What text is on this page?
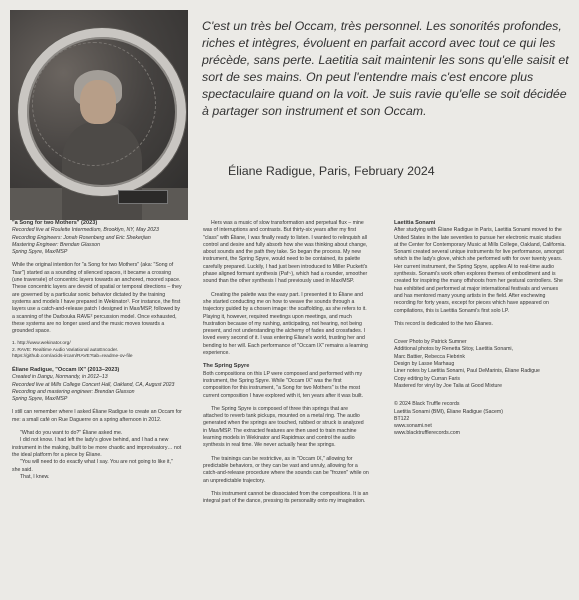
C'est un très bel Occam, très personnel. Les sonorités profondes, riches et intègres, évoluent en parfait accord avec tout ce qui les précède, sans perte. Laetitia sait maintenir les sons qu'elle saisit et sort de ses mains. On peut l'entendre mais c'est encore plus spectaculaire quand on la voit. Je suis ravie qu'elle se soit décidée à partager son instrument et son Occam.
Éliane Radigue, Paris, February 2024

"a Song for two Mothers" (2023)

Recorded live at Roulette Intermedium, Brooklyn, NY, May 2023

Recording Engineers: Jonah Rosenberg and Eric Shekerjian

Mastering Engineer: Brendan Glasson

Spring Spyre, Max/MSP

While the original intention for "a Song for two Mothers" (aka: "Song of Tsar") started as a sounding of silenced spaces, it became a crossing (une traversée) of concentric layers towards an anchored, moored space. These concentric layers are devoid of spatial or temporal directions – they are governed by a particular sonic behavior dictated by the training systems and models I have prepared in Wekinator¹. For instance, the first layers use a catch-and-release patch I designed in Max/MSP, followed by a scanning of the Darbouka RAVE² percussion model. Once exhausted, these systems are no longer used and the music moves towards a grounded space.

1. http://www.wekinator.org/

2. RAVE: Realtime Audio Variational autoEncoder.

https://github.com/acids-ircam/RAVE?tab=readme-ov-file

Éliane Radigue, "Occam IX" (2013–2023)

Created in Dangu, Normandy, in 2012–13

Recorded live at Mills College Concert Hall, Oakland, CA, August 2023

Recording and mastering engineer: Brendan Glasson

Spring Spyre, Max/MSP

I still can remember where I asked Éliane Radigue to create an Occam for me: a small café on Rue Daguerre on a spring afternoon in 2012.

"What do you want to do?" Éliane asked me.

I did not know. I had left the lady's glove behind, and I had a new instrument in the making, built to be more chaotic and improvisatory… not the ideal platform for a piece by Éliane.

"You will need to do exactly what I say. You are not going to like it," she said.

That, I knew.

Hers was a music of slow transformation and perpetual flux – mine was of interruptions and contrasts. But thirty-six years after my first "class" with Éliane, I was finally ready to listen. I wanted to relinquish all control and desire and fully absorb how she was thinking about change, about sounds and the path they take. So began the process. My new instrument, the Spring Spyre, would need to be contained, its palette carefully prepared. Luckily, I had just been introduced to Miller Puckett's phase aligned formant synthesis (Paf~), which had a rounder, smoother sound than the other synthesis I had previously used in Max/MSP.

Creating the palette was the easy part. I presented it to Éliane and she started conducting me on how to weave the sounds through a trajectory guided by a chosen image: the scaffolding, as she refers to it. Playing it, however, required meetings upon meetings, and much frustration because of my rushing, anticipating, not hearing, not being present, and not understanding the alchemy of fades and crossfades. I loved every second of it. I was entering Éliane's world, trusting her and bending to her will. Each performance of "Occam IX" remains a learning experience.

The Spring Spyre

Both compositions on this LP were composed and performed with my instrument, the Spring Spyre. While "Occam IX" was the first composition for this instrument, "a Song for two Mothers" is the most current composition I have explored with it, ten years after it was built.

The Spring Spyre is composed of three thin springs that are attached to reverb tank pickups, mounted on a metal ring. The audio generated when the springs are touched, rubbed or struck is analyzed in Max/MSP. The extracted features are then used to train machine learning models in Wekinator and Rapidmax and control the audio synthesis in real time. We never actually hear the springs.

The trainings can be restrictive, as in "Occam IX," allowing for predictable behaviors, or they can be vast and unruly, allowing for a catch-and-release procedure where the sounds can be "frozen" while on an unpredictable trajectory.

This instrument cannot be dissociated from the compositions. It is an integral part of the dance, pressing its personality onto my imagination.

Laetitia Sonami

After studying with Éliane Radigue in Paris, Laetitia Sonami moved to the United States in the late seventies to pursue her electronic music studies at the Center for Contemporary Music at Mills College, Oakland, California. Sonami created several unique instruments for live performance, amongst which is the lady's glove, which she performed with for over twenty years. Her current instrument, the Spring Spyre, applies AI to real-time audio synthesis. Sonami's work often explores themes of embodiment and is created for inspiring the many offshoots from her gestural controllers. She has exhibited and performed at major international festivals and venues and has mentored many young artists in the field. After eschewing recording for forty years, except for pieces which have appeared on compilations, this is Laetitia Sonami's first solo LP.

This record is dedicated to the two Élianes.

Cover Photo by Patrick Sumner

Additional photos by Renetta Sitoy, Laetitia Sonami,

Marc Battier, Rebecca Fiebrink

Design by Lasse Marhaug

Liner notes by Laetitia Sonami, Paul DeMarinis, Éliane Radigue

Copy editing by Curran Faris

Mastered for vinyl by Joe Talia at Good Mixture

© 2024 Black Truffle records

Laetitia Sonami (BMI), Éliane Radigue (Sacem)

BT122

www.sonami.net

www.blacktrufflerecords.com
